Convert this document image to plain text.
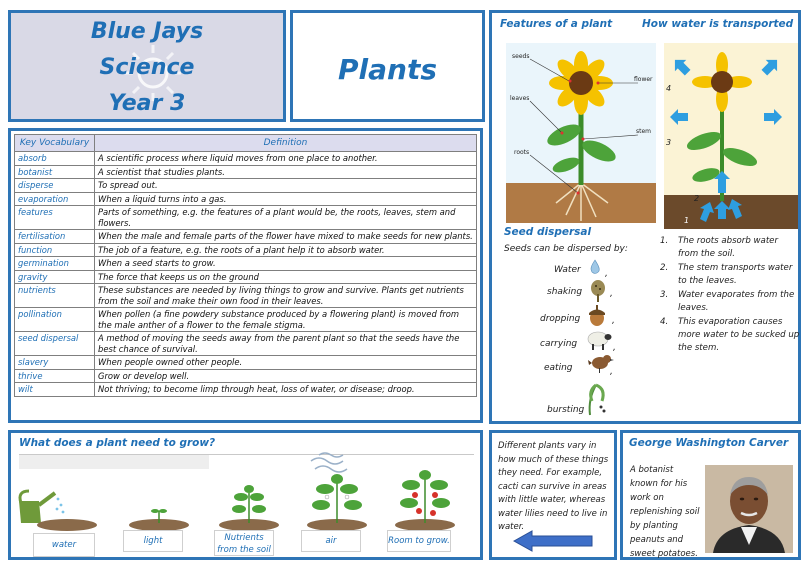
Blue Jays
Science
Year 3
Plants
Key Vocabulary	Definition
absorb	A scientific process where liquid moves from one place to another.
botanist	A scientist that studies plants.
disperse	To spread out.
evaporation	When a liquid turns into a gas.
features	Parts of something, e.g. the features of a plant would be, the roots, leaves, stem and flowers.
fertilisation	When the male and female parts of the flower have mixed to make seeds for new plants.
function	The job of a feature, e.g. the roots of a plant help it to absorb water.
germination	When a seed starts to grow.
gravity	The force that keeps us on the ground
nutrients	These substances are needed by living things to grow and survive. Plants get nutrients from the soil and make their own food in their leaves.
pollination	When pollen (a fine powdery substance produced by a flowering plant) is moved from the male anther of a flower to the female stigma.
seed dispersal	A method of moving the seeds away from the parent plant so that the seeds have the best chance of survival.
slavery	When people owned other people.
thrive	Grow or develop well.
wilt	Not thriving; to become limp through heat, loss of water, or disease; droop.
Features of a plant	How water is transported
seeds
leaves
roots
flower
stem
4
3
2
1
Seed dispersal
Seeds can be dispersed by:
Water	,
shaking	,
dropping	,
carrying	,
eating	,
bursting
1.	The roots absorb water from the soil.
2.	The stem transports water to the leaves.
3.	Water evaporates from the leaves.
4.	This evaporation causes more water to be sucked up the stem.
What does a plant need to grow?
water	light	Nutrients from the soil
air	Room to grow.

Different plants vary in how much of these things they need. For example, cacti can survive in areas with little water, whereas water lilies need to live in water.

George Washington Carver

A botanist known for his work on replenishing soil by planting peanuts and sweet potatoes.
